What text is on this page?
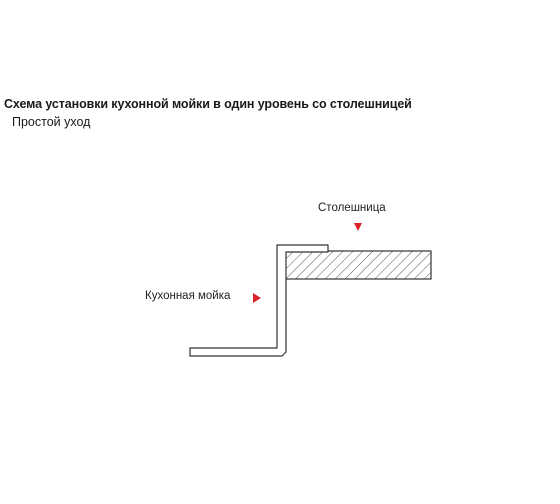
Схема установки кухонной мойки в один уровень со столешницей
Простой уход
Столешница
Кухонная мойка
